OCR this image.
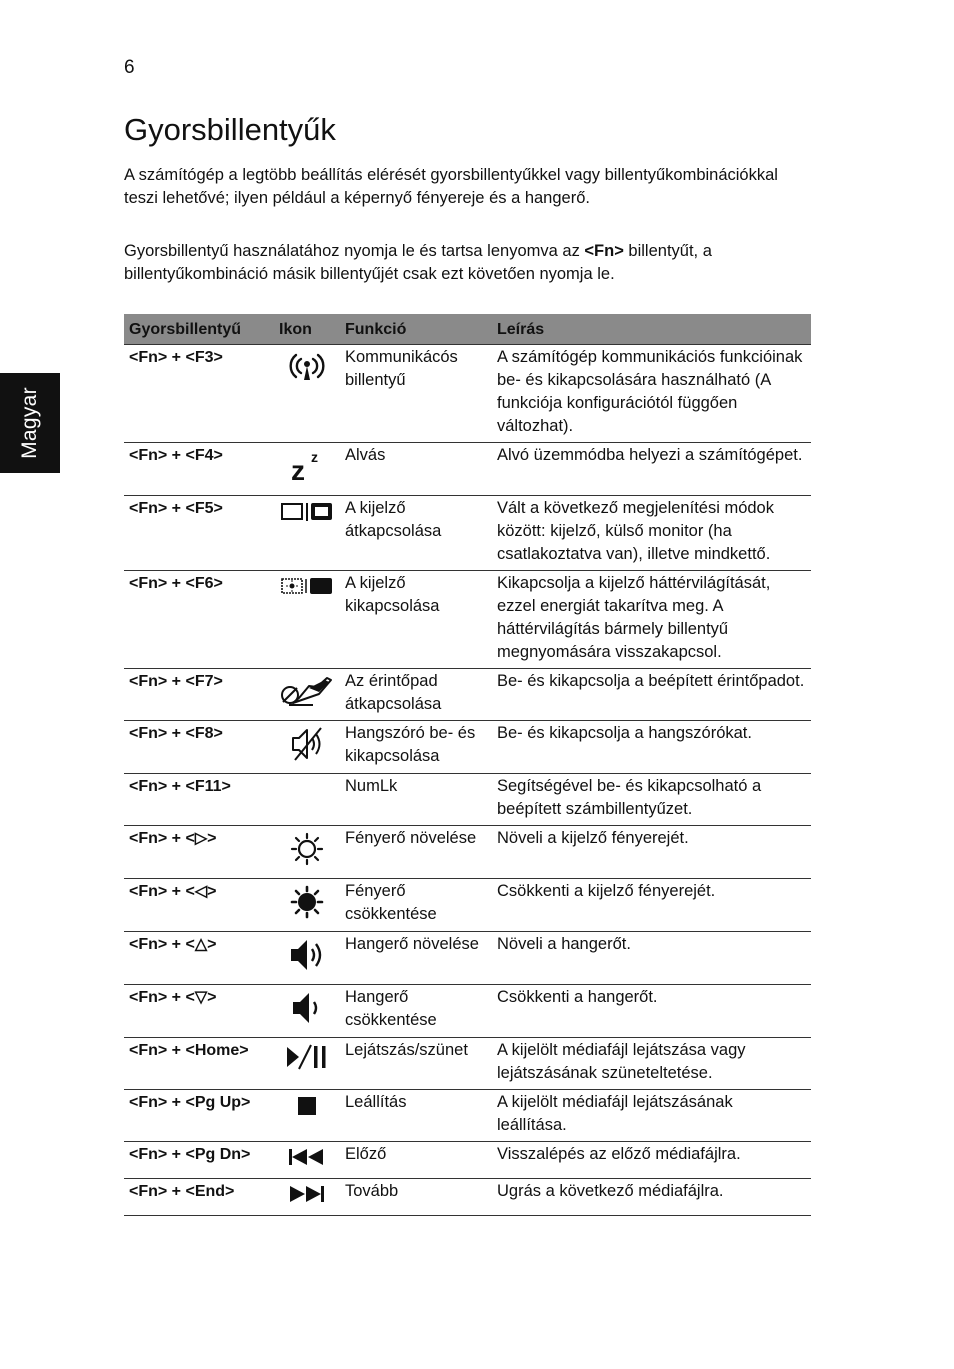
6
Magyar
Gyorsbillentyűk

A számítógép a legtöbb beállítás elérését gyorsbillentyűkkel vagy billentyűkombinációkkal teszi lehetővé; ilyen például a képernyő fényereje és a hangerő.

Gyorsbillentyű használatához nyomja le és tartsa lenyomva az <Fn> billentyűt, a billentyűkombináció másik billentyűjét csak ezt követően nyomja le.

Gyorsbillentyű	Ikon	Funkció	Leírás
<Fn> + <F3>		Kommunikácós billentyű	A számítógép kommunikációs funkcióinak be- és kikapcsolására használható (A funkciója konfigurációtól függően változhat).
<Fn> + <F4>	z z	Alvás	Alvó üzemmódba helyezi a számítógépet.
<Fn> + <F5>		A kijelző átkapcsolása	Vált a következő megjelenítési módok között: kijelző, külső monitor (ha csatlakoztatva van), illetve mindkettő.
<Fn> + <F6>		A kijelző kikapcsolása	Kikapcsolja a kijelző háttérvilágítását, ezzel energiát takarítva meg. A háttérvilágítás bármely billentyű megnyomására visszakapcsol.
<Fn> + <F7>		Az érintőpad átkapcsolása	Be- és kikapcsolja a beépített érintőpadot.
<Fn> + <F8>		Hangszóró be- és kikapcsolása	Be- és kikapcsolja a hangszórókat.
<Fn> + <F11>		NumLk	Segítségével be- és kikapcsolható a beépített számbillentyűzet.
<Fn> + <▷>		Fényerő növelése	Növeli a kijelző fényerejét.
<Fn> + <◁>		Fényerő csökkentése	Csökkenti a kijelző fényerejét.
<Fn> + <△>		Hangerő növelése	Növeli a hangerőt.
<Fn> + <▽>		Hangerő csökkentése	Csökkenti a hangerőt.
<Fn> + <Home>		Lejátszás/szünet	A kijelölt médiafájl lejátszása vagy lejátszásának szüneteltetése.
<Fn> + <Pg Up>		Leállítás	A kijelölt médiafájl lejátszásának leállítása.
<Fn> + <Pg Dn>		Előző	Visszalépés az előző médiafájlra.
<Fn> + <End>		Tovább	Ugrás a következő médiafájlra.
